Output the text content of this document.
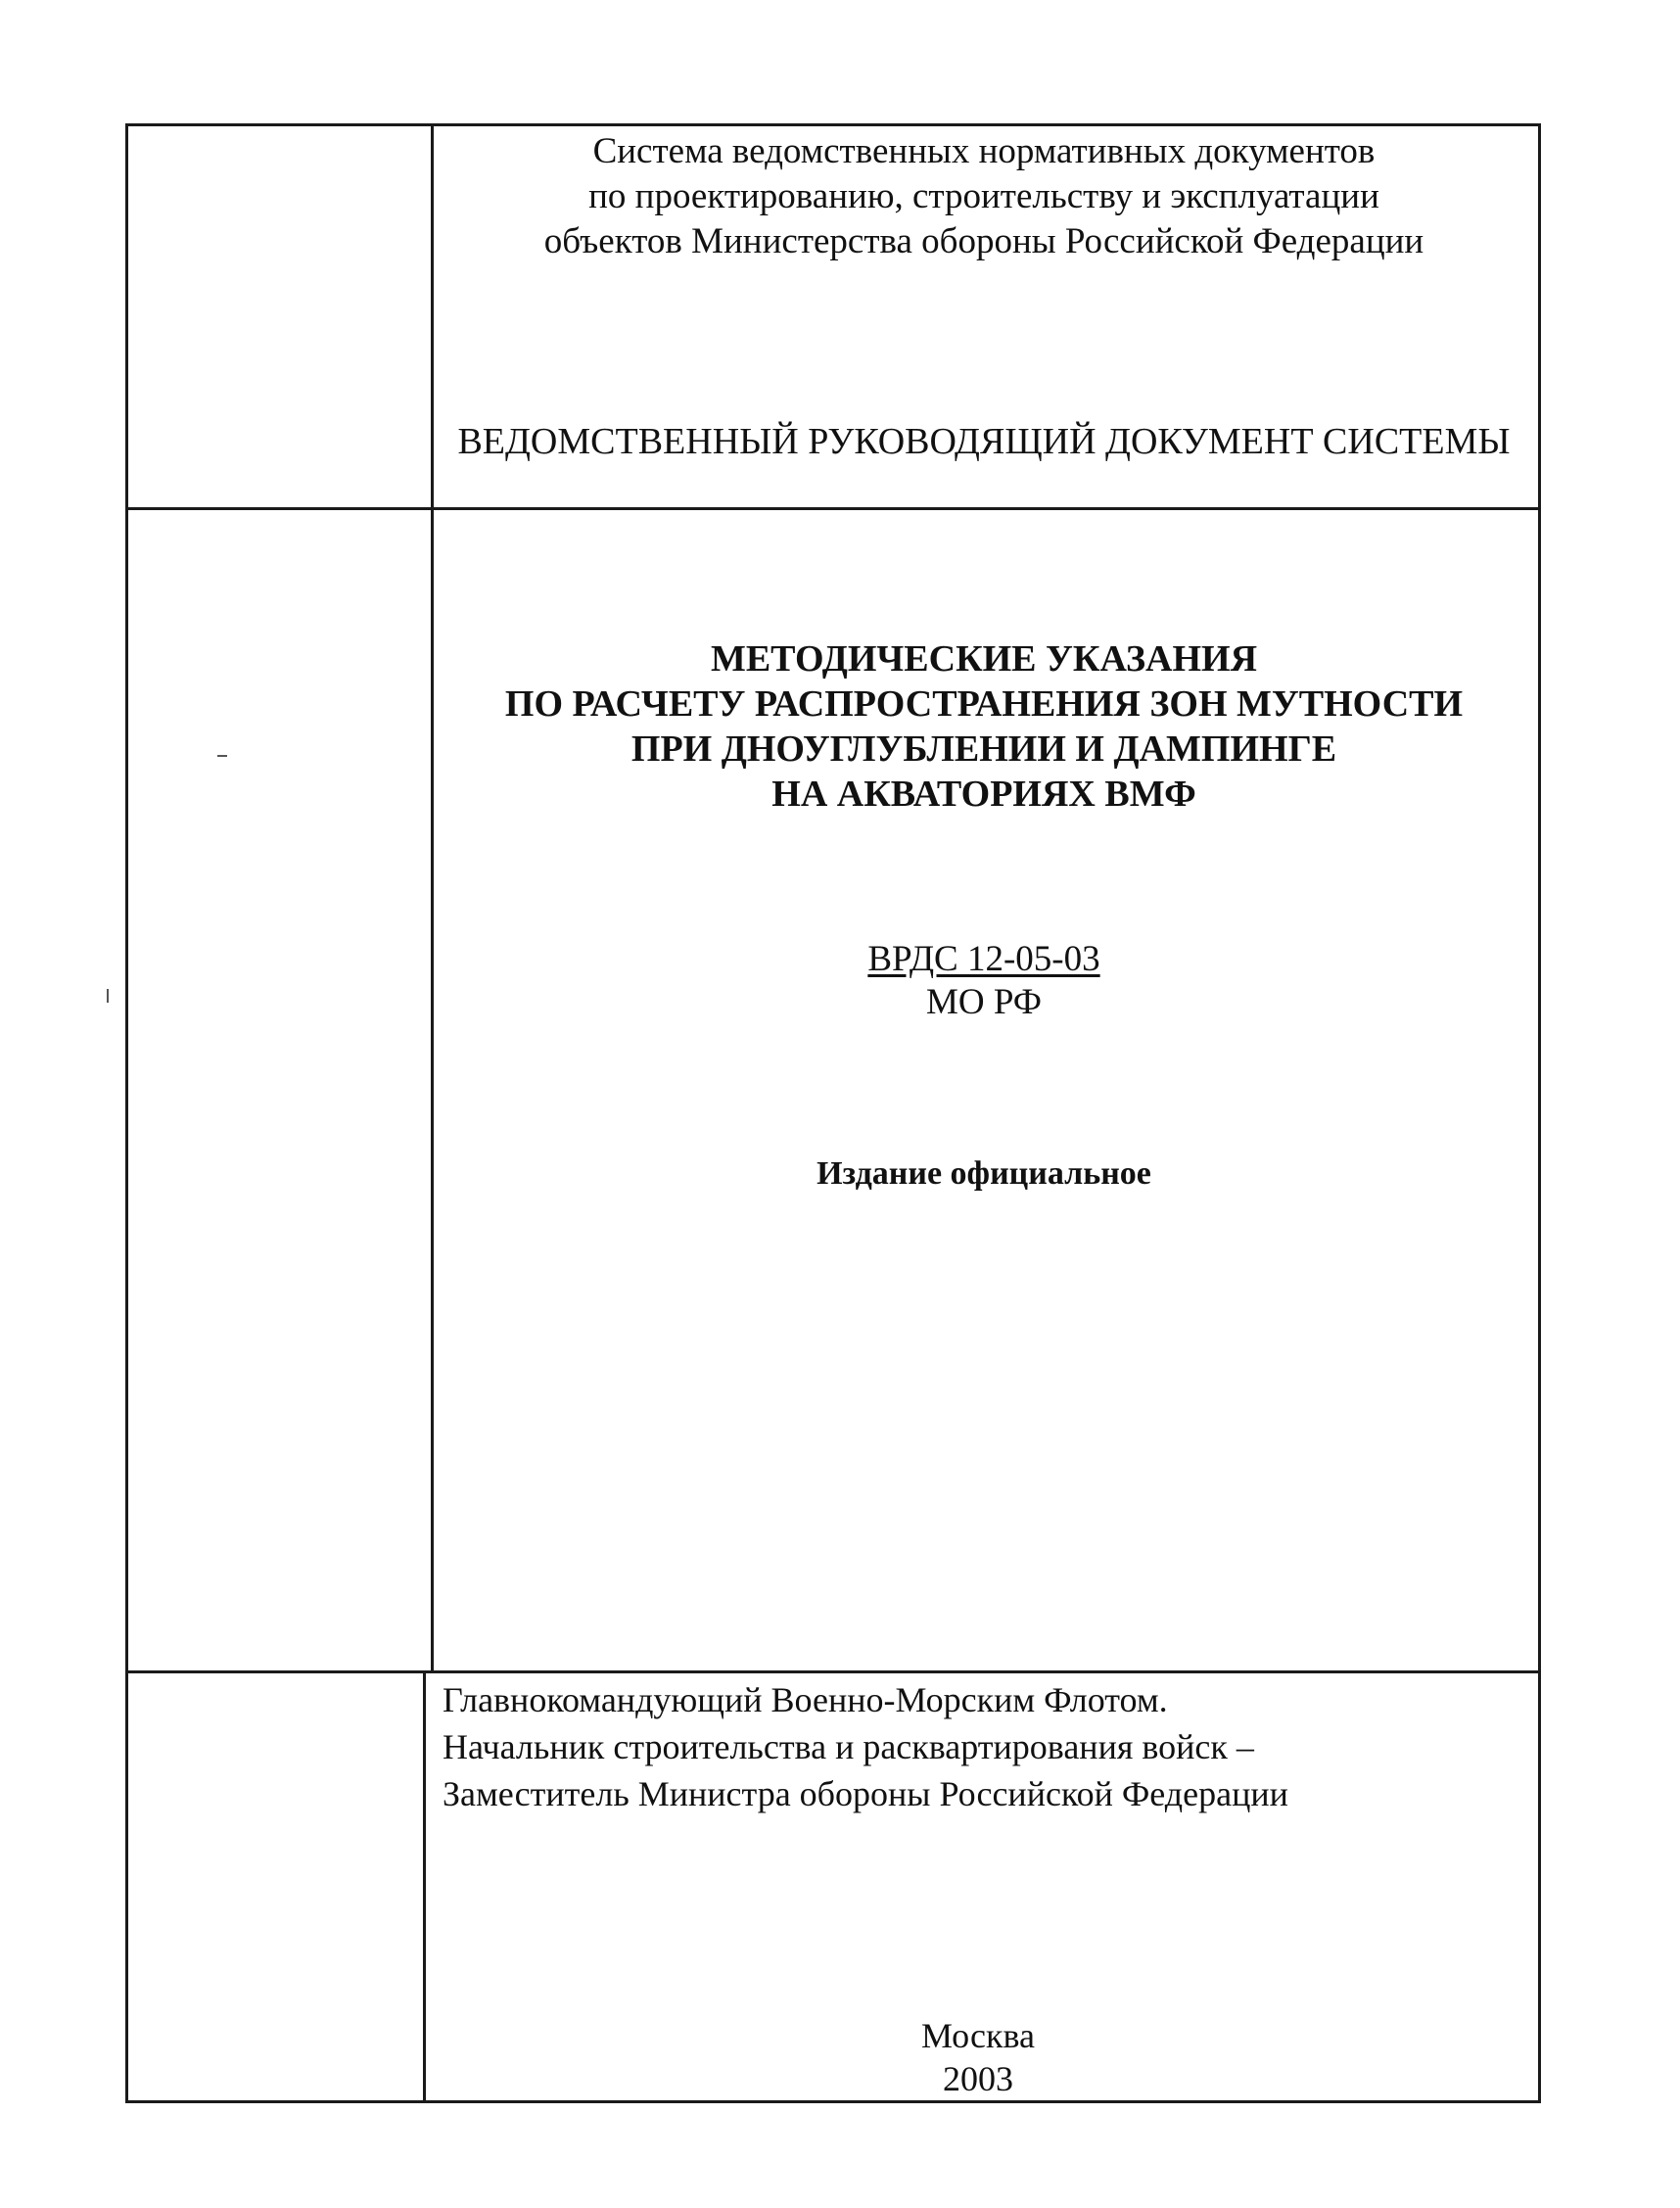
Система ведомственных нормативных документов
по проектированию, строительству и эксплуатации
объектов Министерства обороны Российской Федерации
ВЕДОМСТВЕННЫЙ РУКОВОДЯЩИЙ ДОКУМЕНТ СИСТЕМЫ
МЕТОДИЧЕСКИЕ УКАЗАНИЯ
ПО РАСЧЕТУ РАСПРОСТРАНЕНИЯ ЗОН МУТНОСТИ
ПРИ ДНОУГЛУБЛЕНИИ И ДАМПИНГЕ
НА АКВАТОРИЯХ ВМФ
ВРДС 12-05-03
МО РФ
Издание официальное
Главнокомандующий Военно-Морским Флотом.
Начальник строительства и расквартирования войск –
Заместитель Министра обороны Российской Федерации
Москва
2003
